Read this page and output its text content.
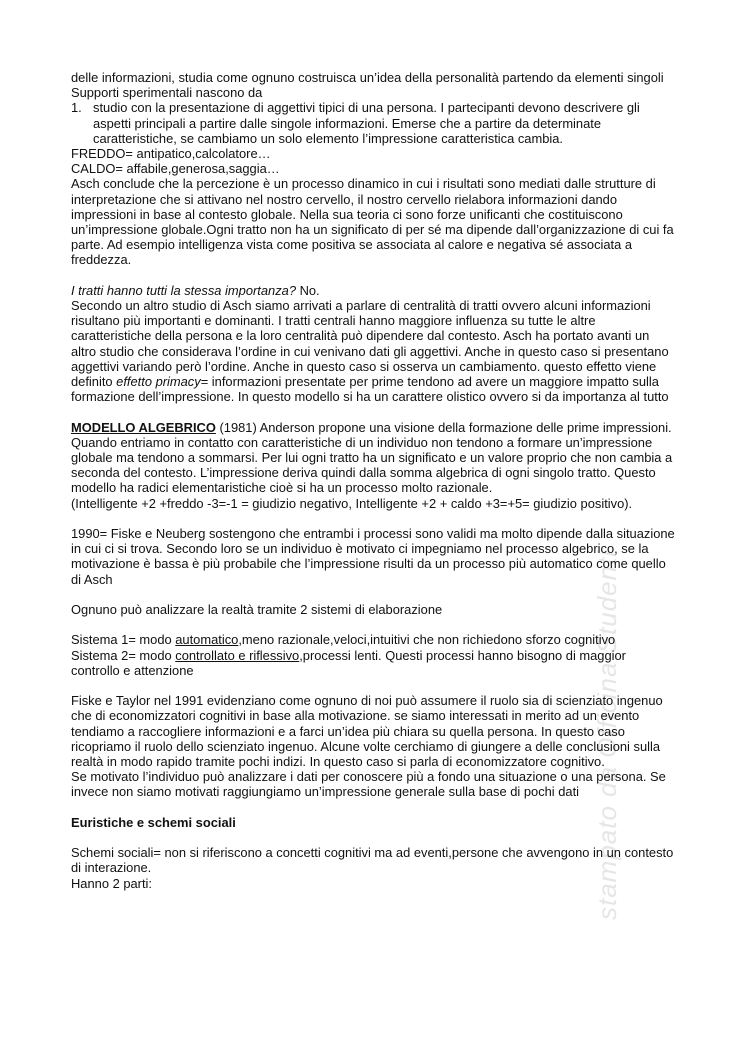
stampato da Officina Studenti

delle informazioni, studia come ognuno costruisca un’idea della personalità partendo da elementi singoli

Supporti sperimentali nascono da

1. studio con la presentazione di aggettivi tipici di una persona. I partecipanti devono descrivere gli aspetti principali a partire dalle singole informazioni. Emerse che a partire da determinate caratteristiche, se cambiamo un solo elemento l’impressione caratteristica cambia.

FREDDO= antipatico,calcolatore…

CALDO= affabile,generosa,saggia…

Asch conclude che la percezione è un processo dinamico in cui i risultati sono mediati dalle strutture di interpretazione che si attivano nel nostro cervello, il nostro cervello rielabora informazioni dando impressioni in base al contesto globale. Nella sua teoria ci sono forze unificanti che costituiscono un’impressione globale.Ogni tratto non ha un significato di per sé ma dipende dall’organizzazione di cui fa parte. Ad esempio intelligenza vista come positiva se associata al calore e negativa sé associata a freddezza.

I tratti hanno tutti la stessa importanza? No.

Secondo un altro studio di Asch siamo arrivati a parlare di centralità di tratti ovvero alcuni informazioni risultano più importanti e dominanti. I tratti centrali hanno maggiore influenza su tutte le altre caratteristiche della persona e la loro centralità può dipendere dal contesto. Asch ha portato avanti un altro studio che considerava l’ordine in cui venivano dati gli aggettivi. Anche in questo caso si presentano aggettivi variando però l’ordine. Anche in questo caso si osserva un cambiamento. questo effetto viene definito effetto primacy= informazioni presentate per prime tendono ad avere un maggiore impatto sulla formazione dell’impressione. In questo modello si ha un carattere olistico ovvero si da importanza al tutto

MODELLO ALGEBRICO (1981) Anderson propone una visione della formazione delle prime impressioni. Quando entriamo in contatto con caratteristiche di un individuo non tendono a formare un’impressione globale ma tendono a sommarsi. Per lui ogni tratto ha un significato e un valore proprio che non cambia a seconda del contesto. L’impressione deriva quindi dalla somma algebrica di ogni singolo tratto. Questo modello ha radici elementaristiche cioè si ha un processo molto razionale.

(Intelligente +2 +freddo -3=-1 = giudizio negativo, Intelligente +2 + caldo +3=+5= giudizio positivo).

1990= Fiske e Neuberg sostengono che entrambi i processi sono validi ma molto dipende dalla situazione in cui ci si trova. Secondo loro se un individuo è motivato ci impegniamo nel processo algebrico, se la motivazione è bassa è più probabile che l’impressione risulti da un processo più automatico come quello di Asch

Ognuno può analizzare la realtà tramite 2 sistemi di elaborazione

Sistema 1= modo automatico,meno razionale,veloci,intuitivi che non richiedono sforzo cognitivo

Sistema 2= modo controllato e riflessivo,processi lenti. Questi processi hanno bisogno di maggior controllo e attenzione

Fiske e Taylor nel 1991 evidenziano come ognuno di noi può assumere il ruolo sia di scienziato ingenuo che di economizzatori cognitivi in base alla motivazione. se siamo interessati in merito ad un evento tendiamo a raccogliere informazioni e a farci un’idea più chiara su quella persona. In questo caso ricopriamo il ruolo dello scienziato ingenuo. Alcune volte cerchiamo di giungere a delle conclusioni sulla realtà in modo rapido tramite pochi indizi. In questo caso si parla di economizzatore cognitivo.

Se motivato l’individuo può analizzare i dati per conoscere più a fondo una situazione o una persona. Se invece non siamo motivati raggiungiamo un’impressione generale sulla base di pochi dati

Euristiche e schemi sociali

Schemi sociali= non si riferiscono a concetti cognitivi ma ad eventi,persone che avvengono in un contesto di interazione.

Hanno 2 parti:
